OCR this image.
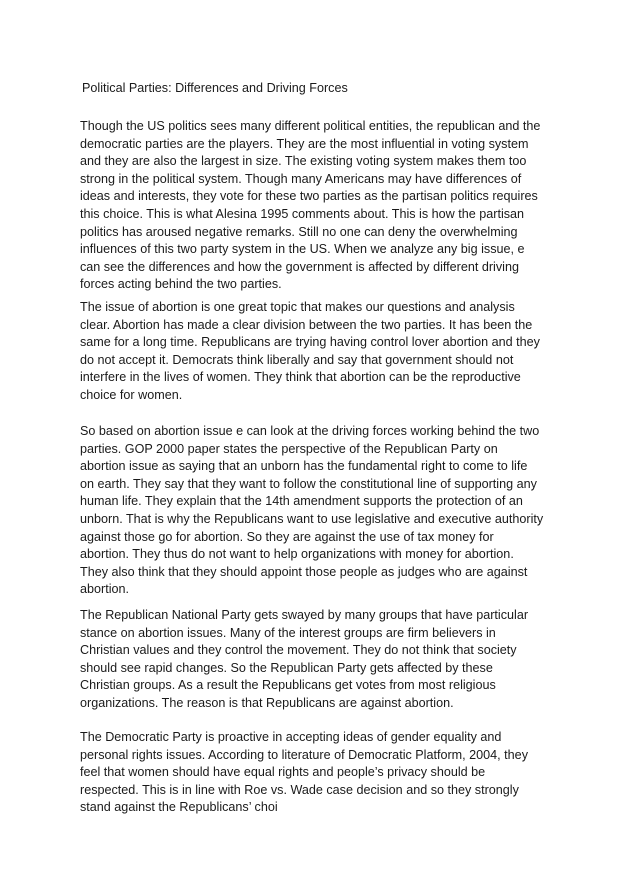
Political Parties: Differences and Driving Forces
Though the US politics sees many different political entities, the republican and the
democratic parties are the players. They are the most influential in voting system
and they are also the largest in size. The existing voting system makes them too
strong in the political system. Though many Americans may have differences of
ideas and interests, they vote for these two parties as the partisan politics requires
this choice. This is what Alesina 1995 comments about. This is how the partisan
politics has aroused negative remarks. Still no one can deny the overwhelming
influences of this two party system in the US. When we analyze any big issue, e
can see the differences and how the government is affected by different driving
forces acting behind the two parties.
The issue of abortion is one great topic that makes our questions and analysis
clear. Abortion has made a clear division between the two parties. It has been the
same for a long time. Republicans are trying having control lover abortion and they
do not accept it. Democrats think liberally and say that government should not
interfere in the lives of women. They think that abortion can be the reproductive
choice for women.
So based on abortion issue e can look at the driving forces working behind the two
parties. GOP 2000 paper states the perspective of the Republican Party on
abortion issue as saying that an unborn has the fundamental right to come to life
on earth. They say that they want to follow the constitutional line of supporting any
human life. They explain that the 14th amendment supports the protection of an
unborn. That is why the Republicans want to use legislative and executive authority
against those go for abortion. So they are against the use of tax money for
abortion. They thus do not want to help organizations with money for abortion.
They also think that they should appoint those people as judges who are against
abortion.
The Republican National Party gets swayed by many groups that have particular
stance on abortion issues. Many of the interest groups are firm believers in
Christian values and they control the movement. They do not think that society
should see rapid changes. So the Republican Party gets affected by these
Christian groups. As a result the Republicans get votes from most religious
organizations. The reason is that Republicans are against abortion.
The Democratic Party is proactive in accepting ideas of gender equality and
personal rights issues. According to literature of Democratic Platform, 2004, they
feel that women should have equal rights and people’s privacy should be
respected. This is in line with Roe vs. Wade case decision and so they strongly
stand against the Republicans’ choi
